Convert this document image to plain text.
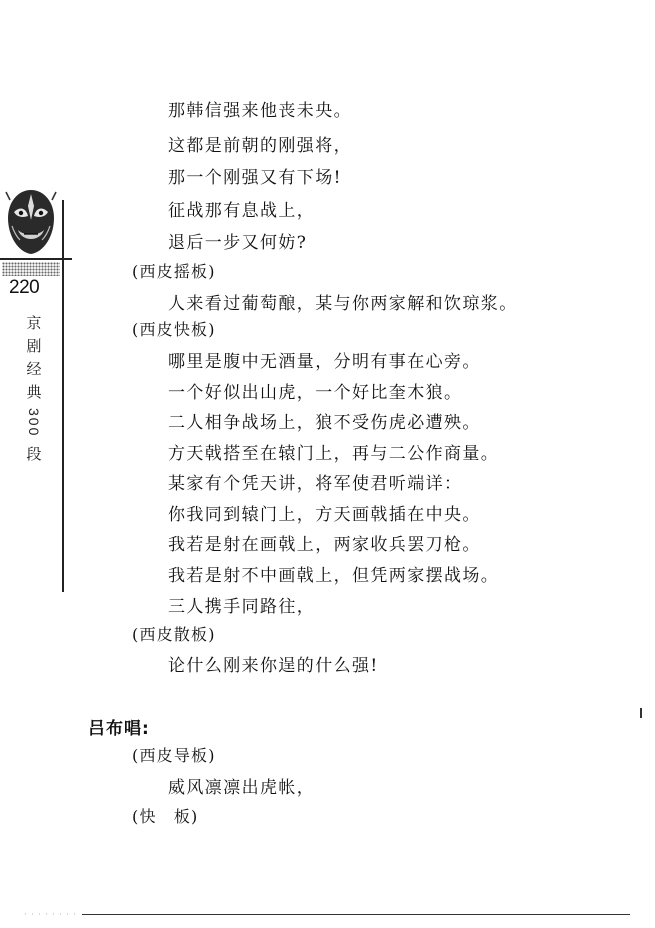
220
京
剧
经
典
300
段
那韩信强来他丧未央。
这都是前朝的刚强将，
那一个刚强又有下场!
征战那有息战上，
退后一步又何妨?
(西皮摇板)
人来看过葡萄酿，某与你两家解和饮琼浆。
(西皮快板)
哪里是腹中无酒量，分明有事在心旁。
一个好似出山虎，一个好比奎木狼。
二人相争战场上，狼不受伤虎必遭殃。
方天戟搭至在辕门上，再与二公作商量。
某家有个凭天讲，将军使君听端详：
你我同到辕门上，方天画戟插在中央。
我若是射在画戟上，两家收兵罢刀枪。
我若是射不中画戟上，但凭两家摆战场。
三人携手同路往，
(西皮散板)
论什么刚来你逞的什么强!
吕布唱:
(西皮导板)
威风凛凛出虎帐，
(快　板)
